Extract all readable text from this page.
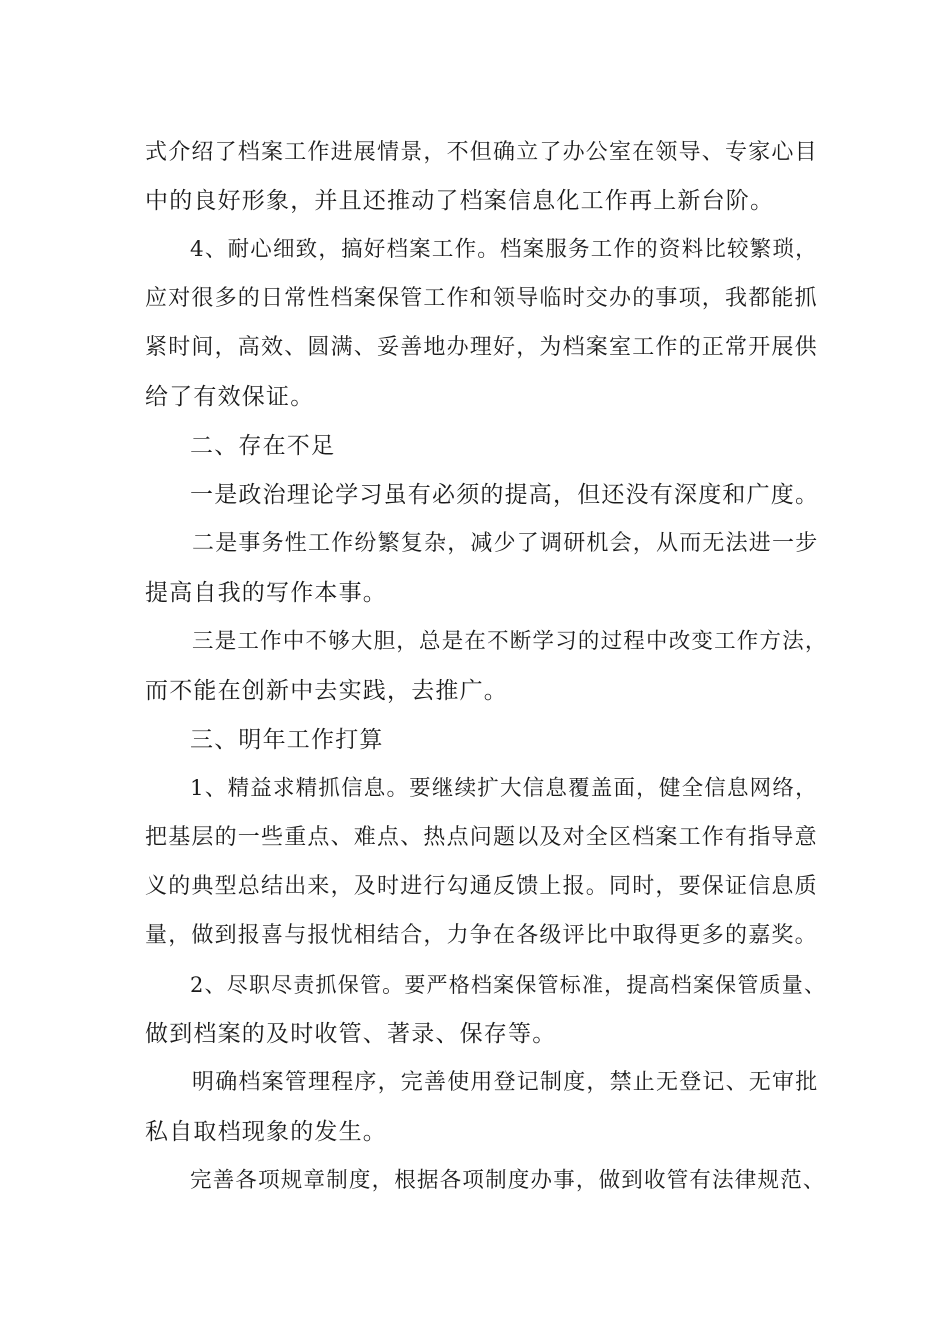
式介绍了档案工作进展情景，不但确立了办公室在领导、专家心目
中的良好形象，并且还推动了档案信息化工作再上新台阶。
4、耐心细致，搞好档案工作。档案服务工作的资料比较繁琐，
应对很多的日常性档案保管工作和领导临时交办的事项，我都能抓
紧时间，高效、圆满、妥善地办理好，为档案室工作的正常开展供
给了有效保证。
二、存在不足
一是政治理论学习虽有必须的提高，但还没有深度和广度。
二是事务性工作纷繁复杂，减少了调研机会，从而无法进一步
提高自我的写作本事。
三是工作中不够大胆，总是在不断学习的过程中改变工作方法，
而不能在创新中去实践，去推广。
三、明年工作打算
1、精益求精抓信息。要继续扩大信息覆盖面，健全信息网络，
把基层的一些重点、难点、热点问题以及对全区档案工作有指导意
义的典型总结出来，及时进行勾通反馈上报。同时，要保证信息质
量，做到报喜与报忧相结合，力争在各级评比中取得更多的嘉奖。
2、尽职尽责抓保管。要严格档案保管标准，提高档案保管质量、
做到档案的及时收管、著录、保存等。
明确档案管理程序，完善使用登记制度，禁止无登记、无审批
私自取档现象的发生。
完善各项规章制度，根据各项制度办事，做到收管有法律规范、
